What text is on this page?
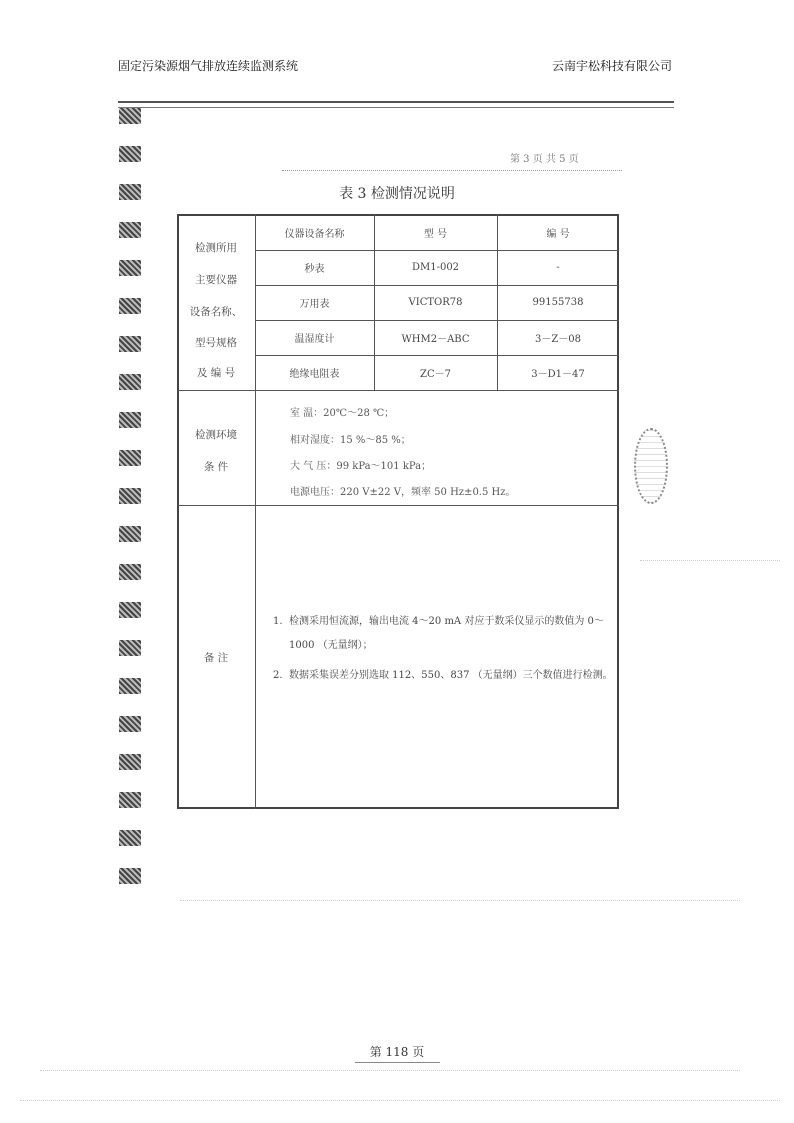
固定污染源烟气排放连续监测系统	云南宇松科技有限公司
第 3 页 共 5 页
表 3 检测情况说明
检测所用
主要仪器
设备名称、
型号规格
及 编 号
仪器设备名称	型 号	编 号
秒表	DM1-002	-
万用表	VICTOR78	99155738
温湿度计	WHM2－ABC	3－Z－08
绝缘电阻表	ZC－7	3－D1－47
检测环境
条 件
室 温：20℃～28 ℃；
相对湿度：15 %～85 %；
大 气 压：99 kPa～101 kPa；
电源电压：220 V±22 V，频率 50 Hz±0.5 Hz。
备 注
1. 检测采用恒流源，输出电流 4～20 mA 对应于数采仪显示的数值为 0～1000 （无量纲）；
2. 数据采集误差分别选取 112、550、837 （无量纲）三个数值进行检测。
第 118 页
